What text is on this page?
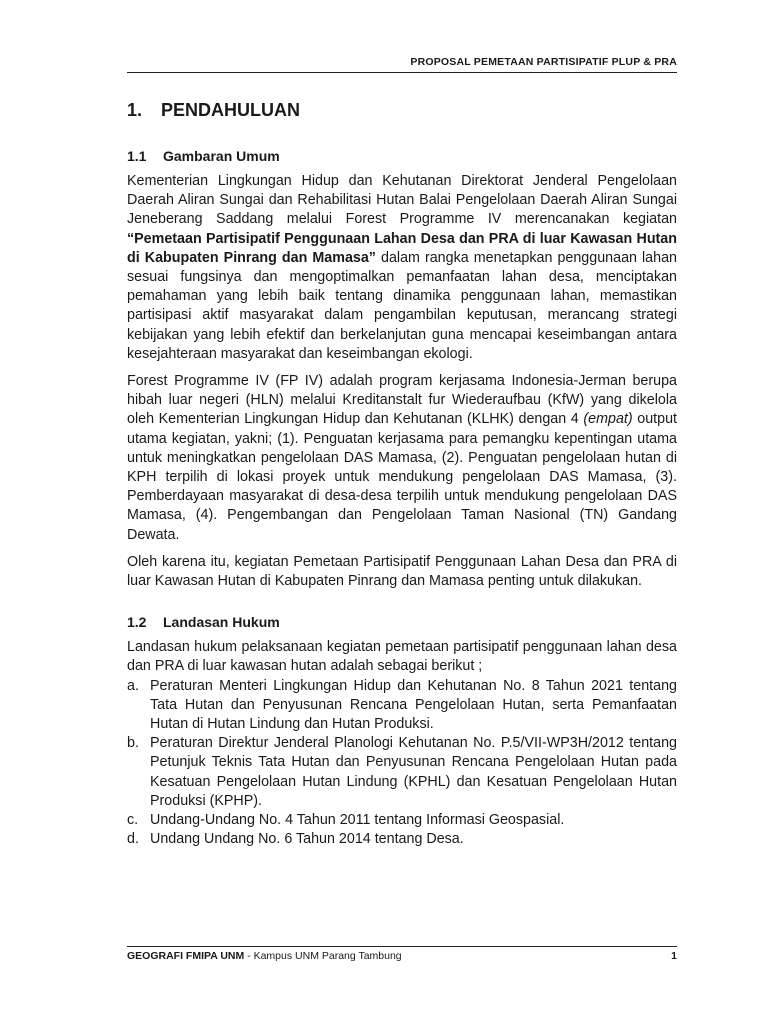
PROPOSAL PEMETAAN PARTISIPATIF PLUP & PRA
1.	PENDAHULUAN
1.1	Gambaran Umum

Kementerian Lingkungan Hidup dan Kehutanan Direktorat Jenderal Pengelolaan Daerah Aliran Sungai dan Rehabilitasi Hutan Balai Pengelolaan Daerah Aliran Sungai Jeneberang Saddang melalui Forest Programme IV merencanakan kegiatan “Pemetaan Partisipatif Penggunaan Lahan Desa dan PRA di luar Kawasan Hutan di Kabupaten Pinrang dan Mamasa” dalam rangka menetapkan penggunaan lahan sesuai fungsinya dan mengoptimalkan pemanfaatan lahan desa, menciptakan pemahaman yang lebih baik tentang dinamika penggunaan lahan, memastikan partisipasi aktif masyarakat dalam pengambilan keputusan, merancang strategi kebijakan yang lebih efektif dan berkelanjutan guna mencapai keseimbangan antara kesejahteraan masyarakat dan keseimbangan ekologi.

Forest Programme IV (FP IV) adalah program kerjasama Indonesia-Jerman berupa hibah luar negeri (HLN) melalui Kreditanstalt fur Wiederaufbau (KfW) yang dikelola oleh Kementerian Lingkungan Hidup dan Kehutanan (KLHK) dengan 4 (empat) output utama kegiatan, yakni; (1). Penguatan kerjasama para pemangku kepentingan utama untuk meningkatkan pengelolaan DAS Mamasa, (2). Penguatan pengelolaan hutan di KPH terpilih di lokasi proyek untuk mendukung pengelolaan DAS Mamasa, (3). Pemberdayaan masyarakat di desa-desa terpilih untuk mendukung pengelolaan DAS Mamasa, (4). Pengembangan dan Pengelolaan Taman Nasional (TN) Gandang Dewata.

Oleh karena itu, kegiatan Pemetaan Partisipatif Penggunaan Lahan Desa dan PRA di luar Kawasan Hutan di Kabupaten Pinrang dan Mamasa penting untuk dilakukan.

1.2	Landasan Hukum

Landasan hukum pelaksanaan kegiatan pemetaan partisipatif penggunaan lahan desa dan PRA di luar kawasan hutan adalah sebagai berikut ;

a. Peraturan Menteri Lingkungan Hidup dan Kehutanan No. 8 Tahun 2021 tentang Tata Hutan dan Penyusunan Rencana Pengelolaan Hutan, serta Pemanfaatan Hutan di Hutan Lindung dan Hutan Produksi.
b. Peraturan Direktur Jenderal Planologi Kehutanan No. P.5/VII-WP3H/2012 tentang Petunjuk Teknis Tata Hutan dan Penyusunan Rencana Pengelolaan Hutan pada Kesatuan Pengelolaan Hutan Lindung (KPHL) dan Kesatuan Pengelolaan Hutan Produksi (KPHP).
c. Undang-Undang No. 4 Tahun 2011 tentang Informasi Geospasial.
d. Undang Undang No. 6 Tahun 2014 tentang Desa.
GEOGRAFI FMIPA UNM - Kampus UNM Parang Tambung	1
